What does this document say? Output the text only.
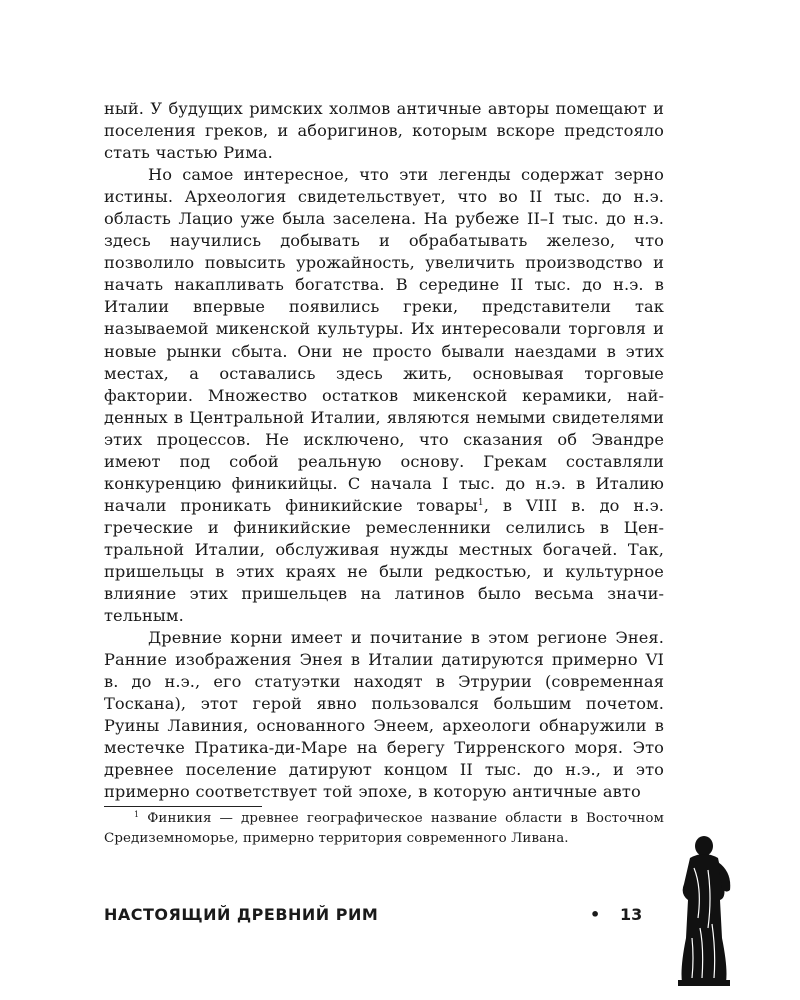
ный. У будущих римских холмов античные авторы помещают и поселения греков, и аборигинов, которым вскоре предстояло стать частью Рима.

Но самое интересное, что эти легенды содержат зерно истины. Археология свидетельствует, что во II тыс. до н.э. область Лацио уже была заселена. На рубеже II–I тыс. до н.э. здесь научились добывать и обрабатывать железо, что позволило повысить урожайность, увеличить производство и начать накапливать богатства. В середине II тыс. до н.э. в Италии впервые появились греки, представители так называемой микенской культуры. Их интересовали торговля и новые рынки сбыта. Они не просто бывали наездами в этих местах, а оставались здесь жить, основывая торговые фактории. Множество остатков микенской керамики, найденных в Центральной Италии, являются немыми свидетелями этих процессов. Не исключено, что сказания об Эвандре имеют под собой реальную основу. Грекам составляли конкуренцию финикийцы. С начала I тыс. до н.э. в Италию начали проникать финикийские товары$^1$, в VIII в. до н.э. греческие и финикийские ремесленники селились в Центральной Италии, обслуживая нужды местных богачей. Так, пришельцы в этих краях не были редкостью, и культурное влияние этих пришельцев на латинов было весьма значительным.

Древние корни имеет и почитание в этом регионе Энея. Ранние изображения Энея в Италии датируются примерно VI в. до н.э., его статуэтки находят в Этрурии (современная Тоскана), этот герой явно пользовался большим почетом. Руины Лавиния, основанного Энеем, археологи обнаружили в местечке Пратика-ди-Маре на берегу Тирренского моря. Это древнее поселение датируют концом II тыс. до н.э., и это примерно соответствует той эпохе, в которую античные авто

$^1$ Финикия — древнее географическое название области в Восточном Средиземноморье, примерно территория современного Ливана.

НАСТОЯЩИЙ ДРЕВНИЙ РИМ	• 13
